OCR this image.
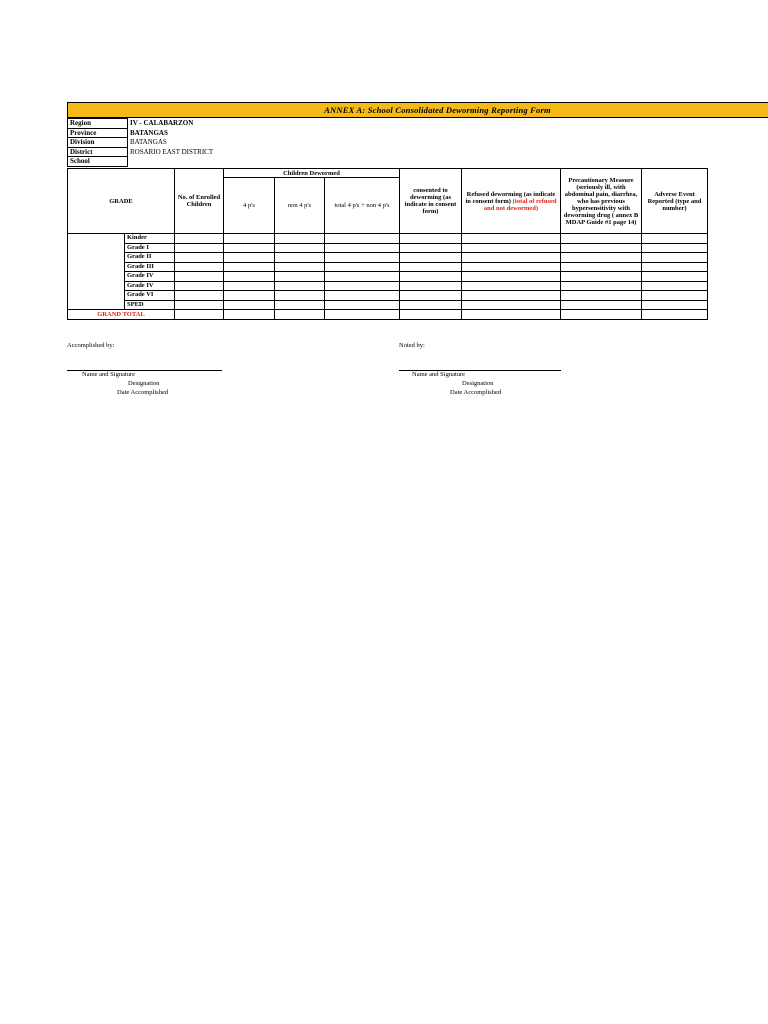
ANNEX A: School Consolidated Deworming Reporting Form
Region	IV - CALABARZON
Province	BATANGAS
Division	BATANGAS
District	ROSARIO EAST DISTRICT
School	
GRADE		No. of Enrolled Children	Children Dewormed			consented to deworming (as indicate in consent form)	Refused deworming (as indicate in consent form) (total of refused and not dewormed)	Precautionary Measure (seriously ill, with abdominal pain, diarrhea, who has previous hypersensitivity with deworming drug ( annex B MDAP Guide #1 page 14)	Adverse Event Reported (type and number)
			4 p's	non 4 p's	total 4 p's + non 4 p's				
	Kinder								
	Grade I								
	Grade II								
	Grade III								
	Grade IV								
	Grade IV								
	Grade VI								
	SPED								
GRAND TOTAL									
Accomplished by:	Noted by:
Name and Signature
Designation
Date Accomplished
Name and Signature
Designation
Date Accomplished
